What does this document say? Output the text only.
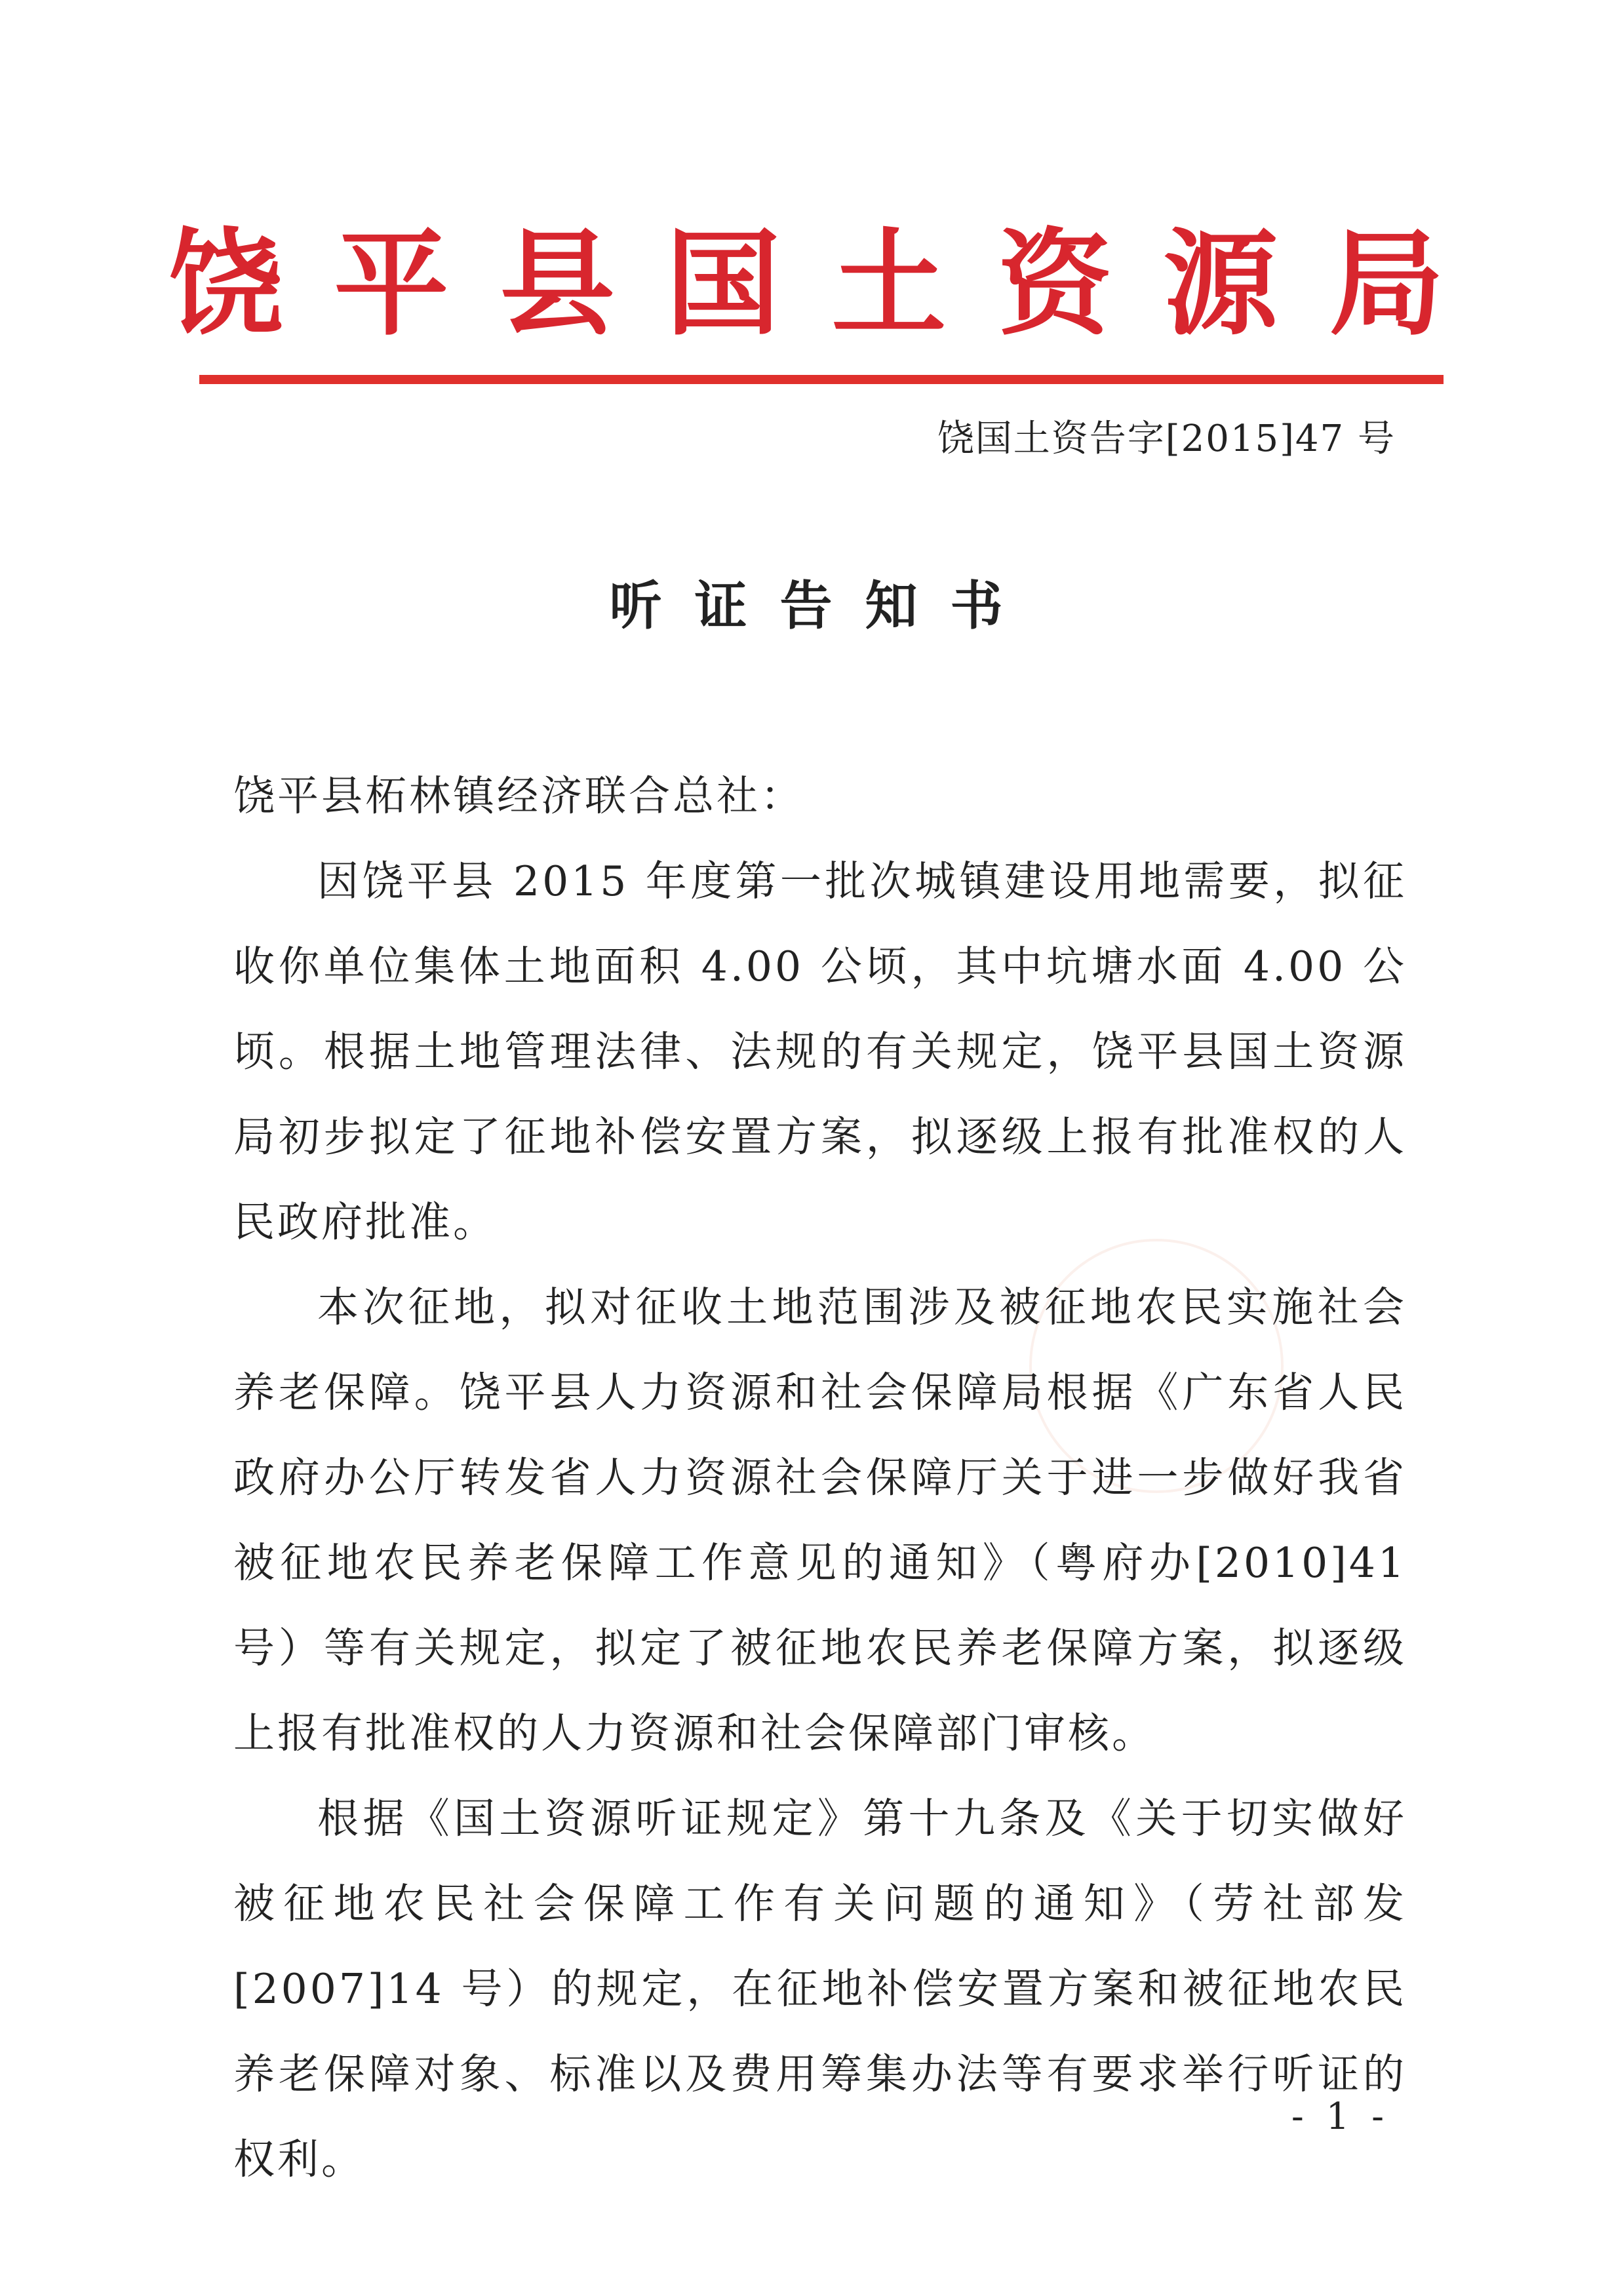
饶平县国土资源局
饶国土资告字[2015]47 号
听证告知书

饶平县柘林镇经济联合总社：

因饶平县 2015 年度第一批次城镇建设用地需要，拟征收你单位集体土地面积 4.00 公顷，其中坑塘水面 4.00 公顷。根据土地管理法律、法规的有关规定，饶平县国土资源局初步拟定了征地补偿安置方案，拟逐级上报有批准权的人民政府批准。

本次征地，拟对征收土地范围涉及被征地农民实施社会养老保障。饶平县人力资源和社会保障局根据《广东省人民政府办公厅转发省人力资源社会保障厅关于进一步做好我省被征地农民养老保障工作意见的通知》（粤府办[2010]41 号）等有关规定，拟定了被征地农民养老保障方案，拟逐级上报有批准权的人力资源和社会保障部门审核。

根据《国土资源听证规定》第十九条及《关于切实做好被征地农民社会保障工作有关问题的通知》（劳社部发[2007]14 号）的规定，在征地补偿安置方案和被征地农民养老保障对象、标准以及费用筹集办法等有要求举行听证的权利。

- 1 -
